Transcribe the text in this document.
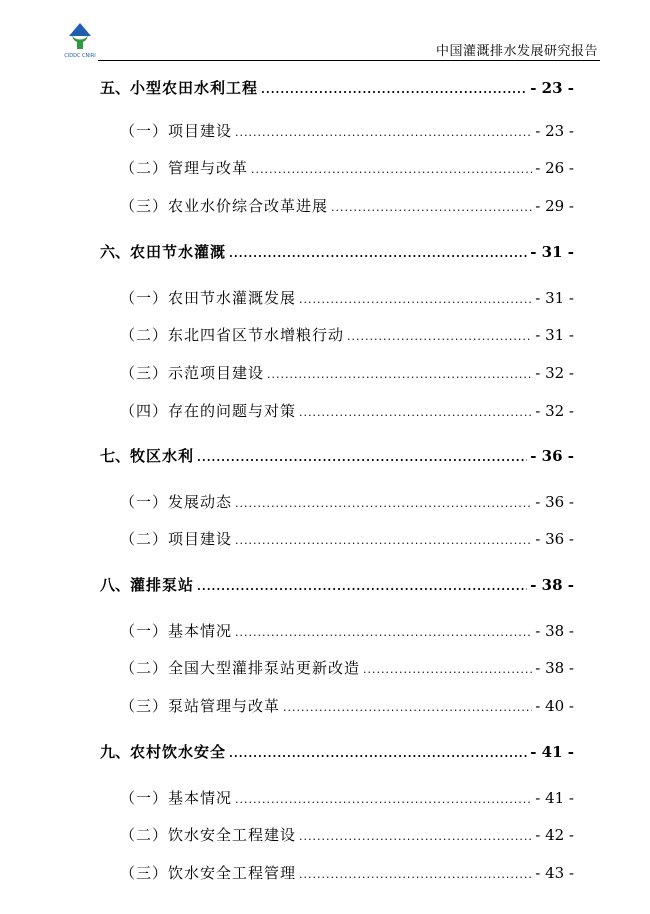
CIDDC CNIRI	中国灌溉排水发展研究报告
五、 小型农田水利工程 .....	- 23 -
（一） 项目建设 .....	- 23 -
（二） 管理与改革 .....	- 26 -
（三） 农业水价综合改革进展 .....	- 29 -
六、 农田节水灌溉 .....	- 31 -
（一） 农田节水灌溉发展 .....	- 31 -
（二） 东北四省区节水增粮行动 .....	- 31 -
（三） 示范项目建设 .....	- 32 -
（四） 存在的问题与对策 .....	- 32 -
七、 牧区水利 .....	- 36 -
（一） 发展动态 .....	- 36 -
（二） 项目建设 .....	- 36 -
八、 灌排泵站 .....	- 38 -
（一） 基本情况 .....	- 38 -
（二） 全国大型灌排泵站更新改造 .....	- 38 -
（三） 泵站管理与改革 .....	- 40 -
九、 农村饮水安全 .....	- 41 -
（一） 基本情况 .....	- 41 -
（二） 饮水安全工程建设 .....	- 42 -
（三） 饮水安全工程管理 .....	- 43 -
